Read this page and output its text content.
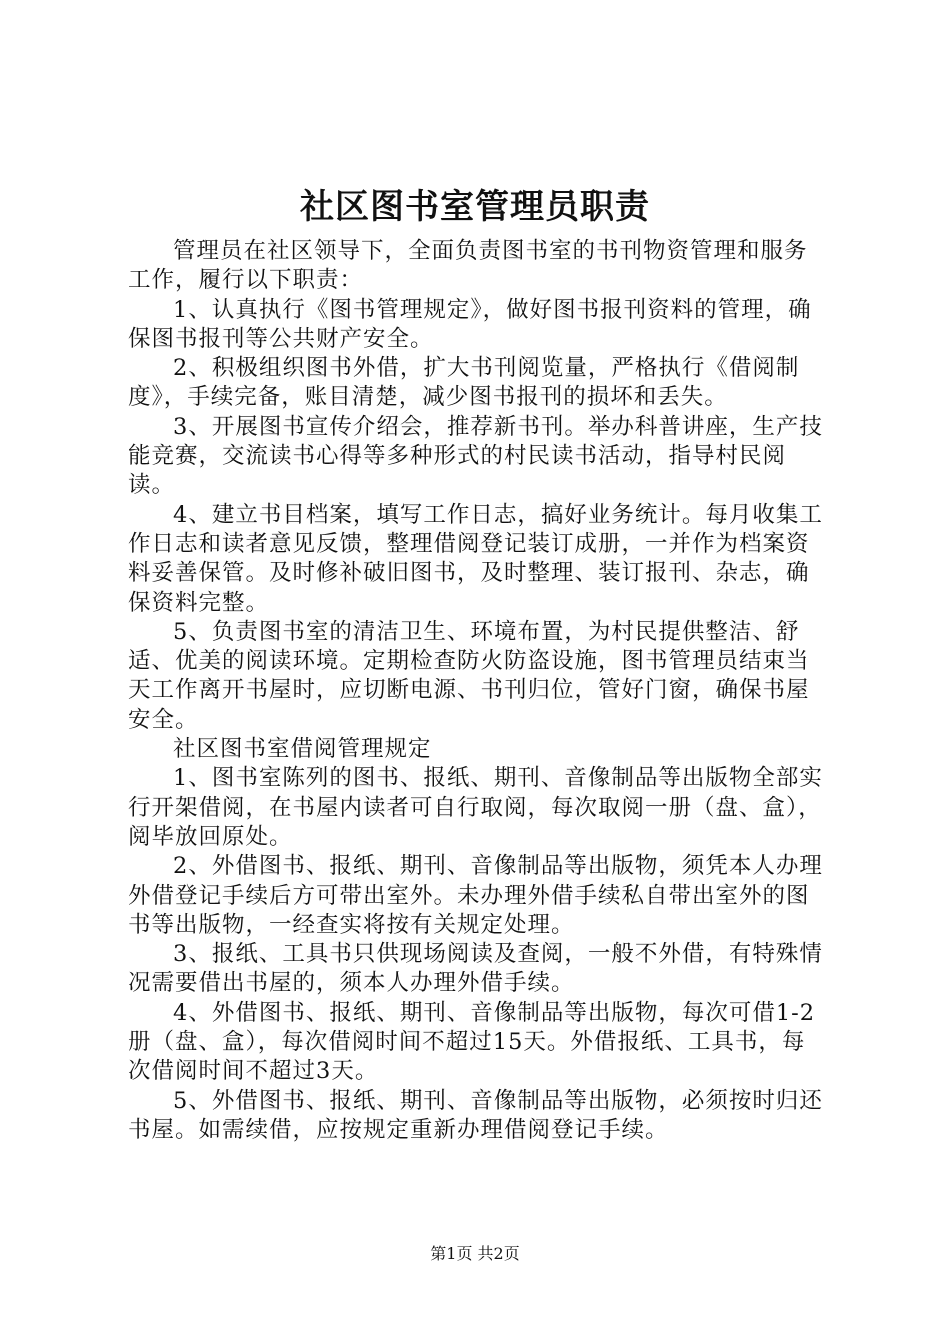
社区图书室管理员职责

管理员在社区领导下，全面负责图书室的书刊物资管理和服务工作，履行以下职责：

1、认真执行《图书管理规定》，做好图书报刊资料的管理，确保图书报刊等公共财产安全。

2、积极组织图书外借，扩大书刊阅览量，严格执行《借阅制度》，手续完备，账目清楚，减少图书报刊的损坏和丢失。

3、开展图书宣传介绍会，推荐新书刊。举办科普讲座，生产技能竞赛，交流读书心得等多种形式的村民读书活动，指导村民阅读。

4、建立书目档案，填写工作日志，搞好业务统计。每月收集工作日志和读者意见反馈，整理借阅登记装订成册，一并作为档案资料妥善保管。及时修补破旧图书，及时整理、装订报刊、杂志，确保资料完整。

5、负责图书室的清洁卫生、环境布置，为村民提供整洁、舒适、优美的阅读环境。定期检查防火防盗设施，图书管理员结束当天工作离开书屋时，应切断电源、书刊归位，管好门窗，确保书屋安全。

社区图书室借阅管理规定

1、图书室陈列的图书、报纸、期刊、音像制品等出版物全部实行开架借阅，在书屋内读者可自行取阅，每次取阅一册（盘、盒），阅毕放回原处。

2、外借图书、报纸、期刊、音像制品等出版物，须凭本人办理外借登记手续后方可带出室外。未办理外借手续私自带出室外的图书等出版物，一经查实将按有关规定处理。

3、报纸、工具书只供现场阅读及查阅，一般不外借，有特殊情况需要借出书屋的，须本人办理外借手续。

4、外借图书、报纸、期刊、音像制品等出版物，每次可借1-2册（盘、盒），每次借阅时间不超过15天。外借报纸、工具书，每次借阅时间不超过3天。

5、外借图书、报纸、期刊、音像制品等出版物，必须按时归还书屋。如需续借，应按规定重新办理借阅登记手续。

第1页 共2页
